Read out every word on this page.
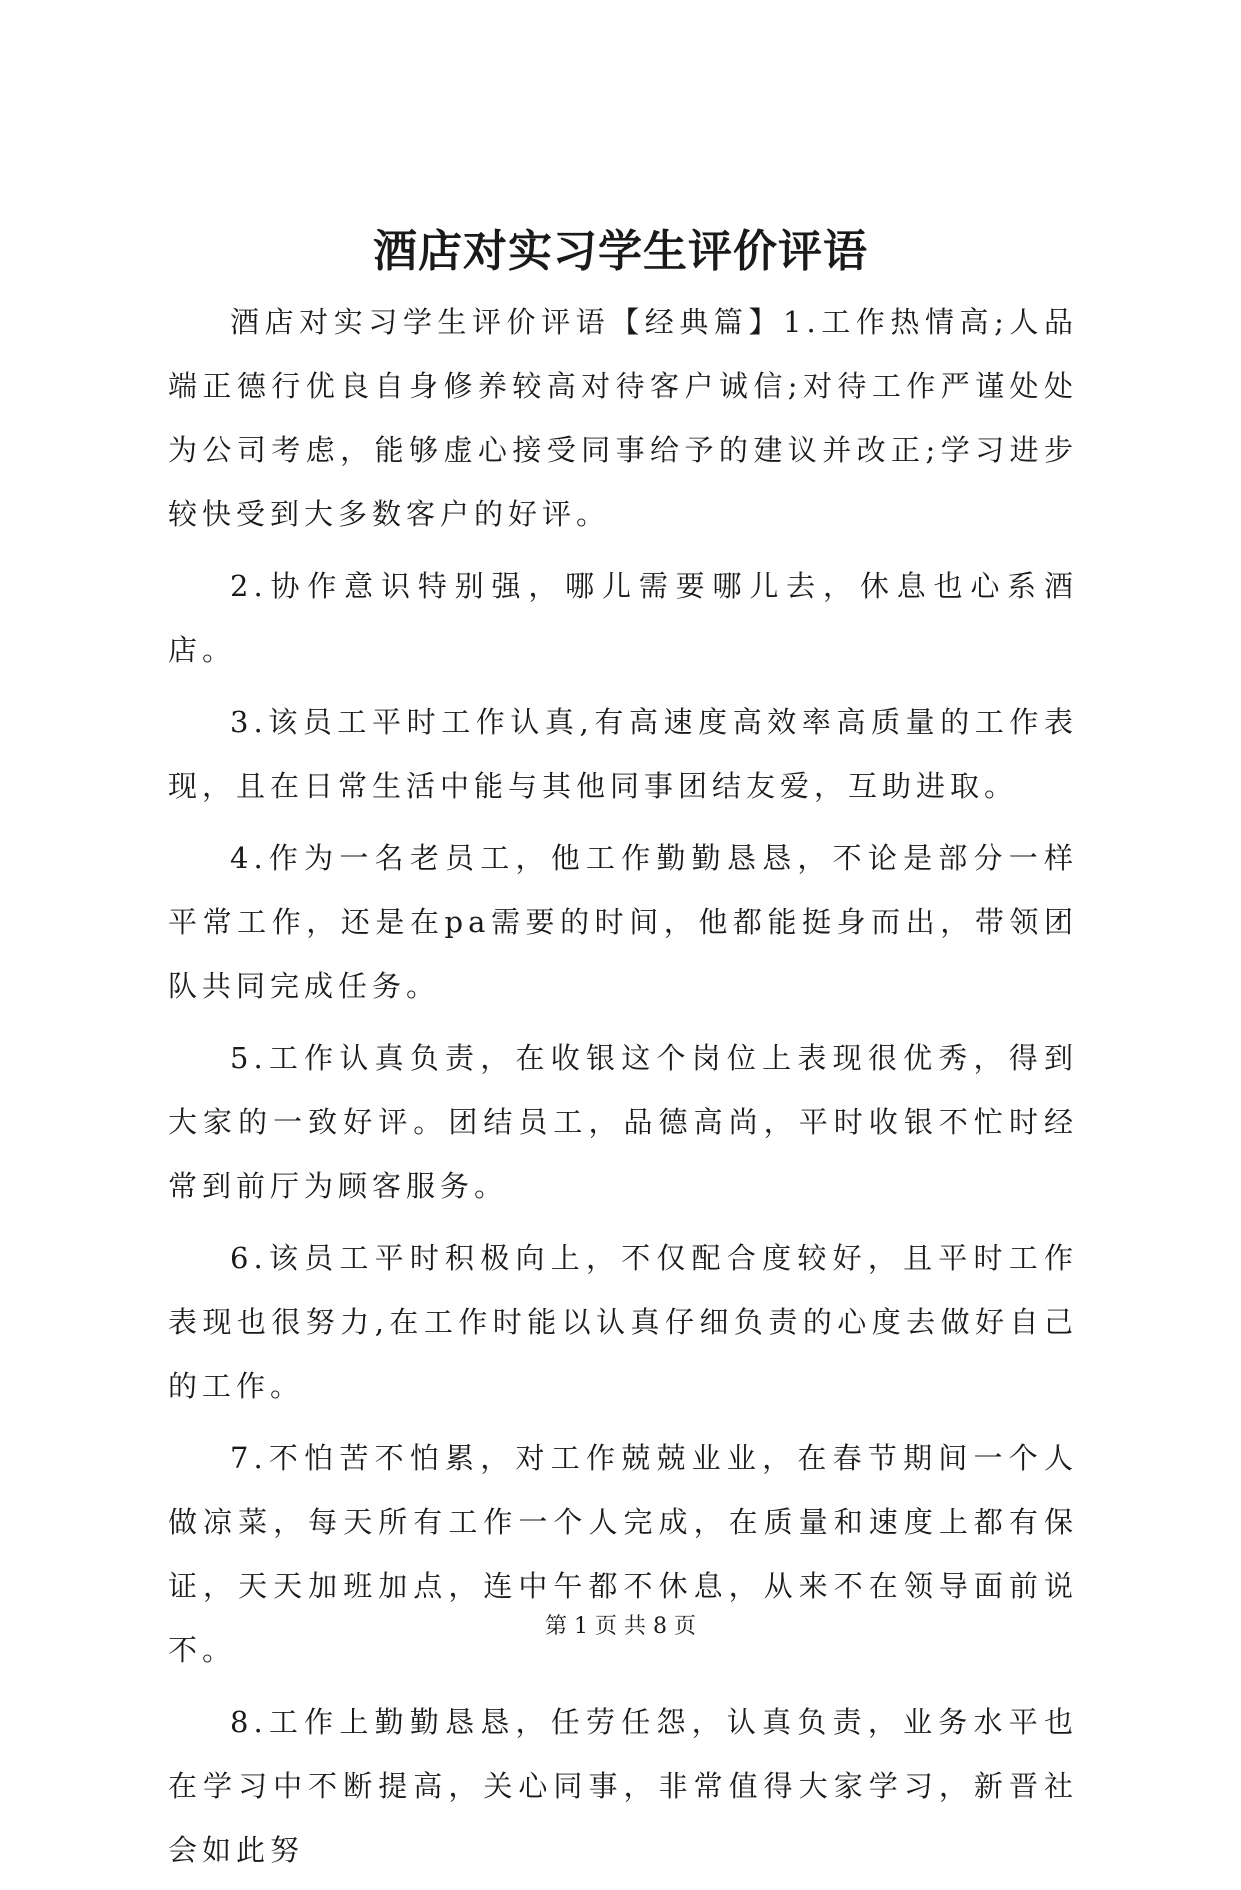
酒店对实习学生评价评语

酒店对实习学生评价评语【经典篇】1.工作热情高;人品端正德行优良自身修养较高对待客户诚信;对待工作严谨处处为公司考虑，能够虚心接受同事给予的建议并改正;学习进步较快受到大多数客户的好评。

2.协作意识特别强，哪儿需要哪儿去，休息也心系酒店。

3.该员工平时工作认真,有高速度高效率高质量的工作表现，且在日常生活中能与其他同事团结友爱，互助进取。

4.作为一名老员工，他工作勤勤恳恳，不论是部分一样平常工作，还是在pa需要的时间，他都能挺身而出，带领团队共同完成任务。

5.工作认真负责，在收银这个岗位上表现很优秀，得到大家的一致好评。团结员工，品德高尚，平时收银不忙时经常到前厅为顾客服务。

6.该员工平时积极向上，不仅配合度较好，且平时工作表现也很努力,在工作时能以认真仔细负责的心度去做好自己的工作。

7.不怕苦不怕累，对工作兢兢业业，在春节期间一个人做凉菜，每天所有工作一个人完成，在质量和速度上都有保证，天天加班加点，连中午都不休息，从来不在领导面前说不。

8.工作上勤勤恳恳，任劳任怨，认真负责，业务水平也在学习中不断提高，关心同事，非常值得大家学习，新晋社会如此努

第 1 页 共 8 页
